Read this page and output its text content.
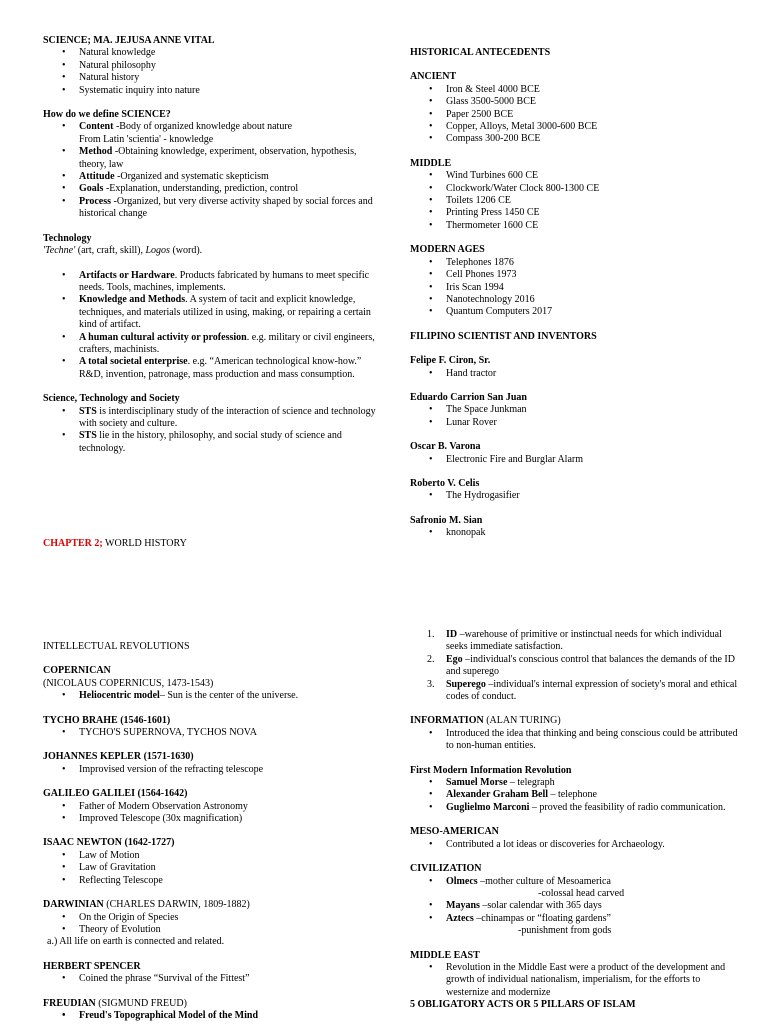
SCIENCE; MA. JEJUSA ANNE VITAL
• Natural knowledge
• Natural philosophy
• Natural history
• Systematic inquiry into nature
How do we define SCIENCE?
• Content -Body of organized knowledge about nature
From Latin 'scientia' - knowledge
• Method -Obtaining knowledge, experiment, observation, hypothesis, theory, law
• Attitude -Organized and systematic skepticism
• Goals -Explanation, understanding, prediction, control
• Process -Organized, but very diverse activity shaped by social forces and historical change
Technology
'Techne' (art, craft, skill), Logos (word).
• Artifacts or Hardware. Products fabricated by humans to meet specific needs. Tools, machines, implements.
• Knowledge and Methods. A system of tacit and explicit knowledge, techniques, and materials utilized in using, making, or repairing a certain kind of artifact.
• A human cultural activity or profession. e.g. military or civil engineers, crafters, machinists.
• A total societal enterprise. e.g. “American technological know-how.” R&D, invention, patronage, mass production and mass consumption.
Science, Technology and Society
• STS is interdisciplinary study of the interaction of science and technology with society and culture.
• STS lie in the history, philosophy, and social study of science and technology.
CHAPTER 2; WORLD HISTORY
HISTORICAL ANTECEDENTS
ANCIENT
• Iron & Steel 4000 BCE
• Glass 3500-5000 BCE
• Paper 2500 BCE
• Copper, Alloys, Metal 3000-600 BCE
• Compass 300-200 BCE
MIDDLE
• Wind Turbines 600 CE
• Clockwork/Water Clock 800-1300 CE
• Toilets 1206 CE
• Printing Press 1450 CE
• Thermometer 1600 CE
MODERN AGES
• Telephones 1876
• Cell Phones 1973
• Iris Scan 1994
• Nanotechnology 2016
• Quantum Computers 2017
FILIPINO SCIENTIST AND INVENTORS
Felipe F. Ciron, Sr.
• Hand tractor
Eduardo Carrion San Juan
• The Space Junkman
• Lunar Rover
Oscar B. Varona
• Electronic Fire and Burglar Alarm
Roberto V. Celis
• The Hydrogasifier
Safronio M. Sian
• knonopak
INTELLECTUAL REVOLUTIONS
COPERNICAN
(NICOLAUS COPERNICUS, 1473-1543)
• Heliocentric model– Sun is the center of the universe.
TYCHO BRAHE (1546-1601)
• TYCHO'S SUPERNOVA, TYCHOS NOVA
JOHANNES KEPLER (1571-1630)
• Improvised version of the refracting telescope
GALILEO GALILEI (1564-1642)
• Father of Modern Observation Astronomy
• Improved Telescope (30x magnification)
ISAAC NEWTON (1642-1727)
• Law of Motion
• Law of Gravitation
• Reflecting Telescope
DARWINIAN (CHARLES DARWIN, 1809-1882)
• On the Origin of Species
• Theory of Evolution
a.) All life on earth is connected and related.
HERBERT SPENCER
• Coined the phrase “Survival of the Fittest”
FREUDIAN (SIGMUND FREUD)
• Freud's Topographical Model of the Mind
1. ID –warehouse of primitive or instinctual needs for which individual seeks immediate satisfaction.
2. Ego –individual's conscious control that balances the demands of the ID and superego
3. Superego –individual's internal expression of society's moral and ethical codes of conduct.
INFORMATION (ALAN TURING)
• Introduced the idea that thinking and being conscious could be attributed to non-human entities.
First Modern Information Revolution
• Samuel Morse – telegraph
• Alexander Graham Bell – telephone
• Guglielmo Marconi – proved the feasibility of radio communication.
MESO-AMERICAN
• Contributed a lot ideas or discoveries for Archaeology.
CIVILIZATION
• Olmecs –mother culture of Mesoamerica
-colossal head carved
• Mayans –solar calendar with 365 days
• Aztecs –chinampas or “floating gardens”
-punishment from gods
MIDDLE EAST
• Revolution in the Middle East were a product of the development and growth of individual nationalism, imperialism, for the efforts to westernize and modernize
5 OBLIGATORY ACTS OR 5 PILLARS OF ISLAM
